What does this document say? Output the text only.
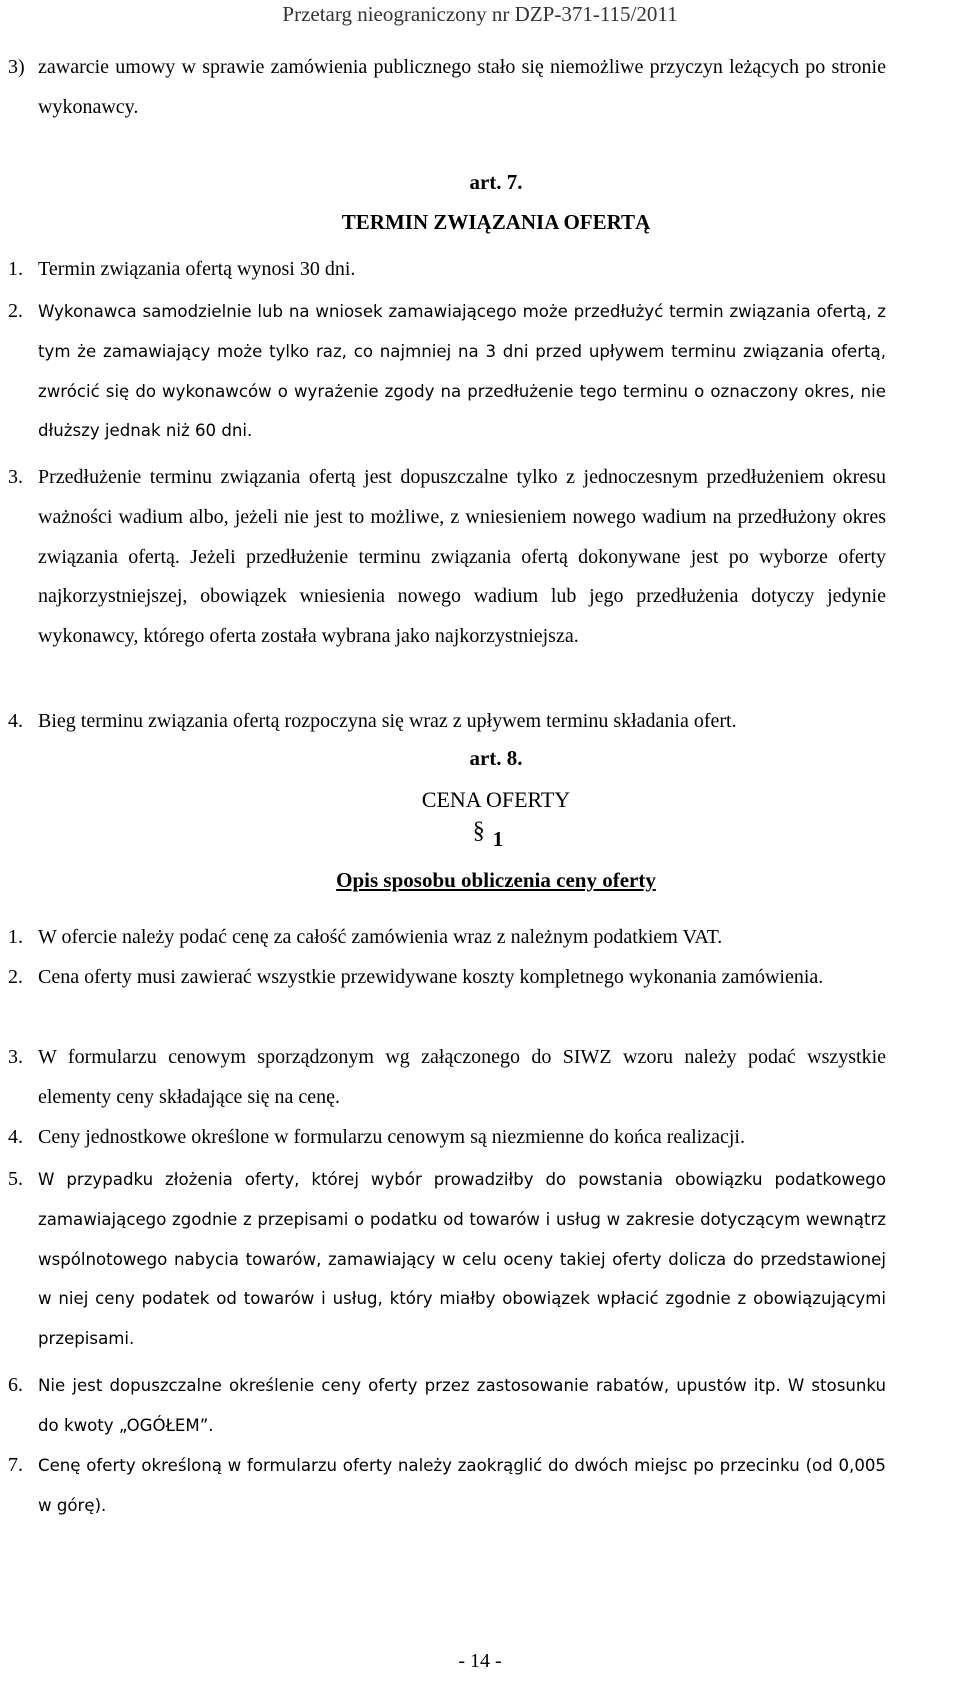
Przetarg nieograniczony nr DZP-371-115/2011
3) zawarcie umowy w sprawie zamówienia publicznego stało się niemożliwe przyczyn leżących po stronie wykonawcy.
art. 7.
TERMIN ZWIĄZANIA OFERTĄ
1. Termin związania ofertą wynosi 30 dni.
2. Wykonawca samodzielnie lub na wniosek zamawiającego może przedłużyć termin związania ofertą, z tym że zamawiający może tylko raz, co najmniej na 3 dni przed upływem terminu związania ofertą, zwrócić się do wykonawców o wyrażenie zgody na przedłużenie tego terminu o oznaczony okres, nie dłuższy jednak niż 60 dni.
3. Przedłużenie terminu związania ofertą jest dopuszczalne tylko z jednoczesnym przedłużeniem okresu ważności wadium albo, jeżeli nie jest to możliwe, z wniesieniem nowego wadium na przedłużony okres związania ofertą. Jeżeli przedłużenie terminu związania ofertą dokonywane jest po wyborze oferty najkorzystniejszej, obowiązek wniesienia nowego wadium lub jego przedłużenia dotyczy jedynie wykonawcy, którego oferta została wybrana jako najkorzystniejsza.
4. Bieg terminu związania ofertą rozpoczyna się wraz z upływem terminu składania ofert.
art. 8.
CENA OFERTY
§ 1
Opis sposobu obliczenia ceny oferty
1. W ofercie należy podać cenę za całość zamówienia wraz z należnym podatkiem VAT.
2. Cena oferty musi zawierać wszystkie przewidywane koszty kompletnego wykonania zamówienia.
3. W formularzu cenowym sporządzonym wg załączonego do SIWZ wzoru należy podać wszystkie elementy ceny składające się na cenę.
4. Ceny jednostkowe określone w formularzu cenowym są niezmienne do końca realizacji.
5. W przypadku złożenia oferty, której wybór prowadziłby do powstania obowiązku podatkowego zamawiającego zgodnie z przepisami o podatku od towarów i usług w zakresie dotyczącym wewnątrz wspólnotowego nabycia towarów, zamawiający w celu oceny takiej oferty dolicza do przedstawionej w niej ceny podatek od towarów i usług, który miałby obowiązek wpłacić zgodnie z obowiązującymi przepisami.
6. Nie jest dopuszczalne określenie ceny oferty przez zastosowanie rabatów, upustów itp. W stosunku do kwoty „OGÓŁEM”.
7. Cenę oferty określoną w formularzu oferty należy zaokrąglić do dwóch miejsc po przecinku (od 0,005 w górę).
- 14 -
